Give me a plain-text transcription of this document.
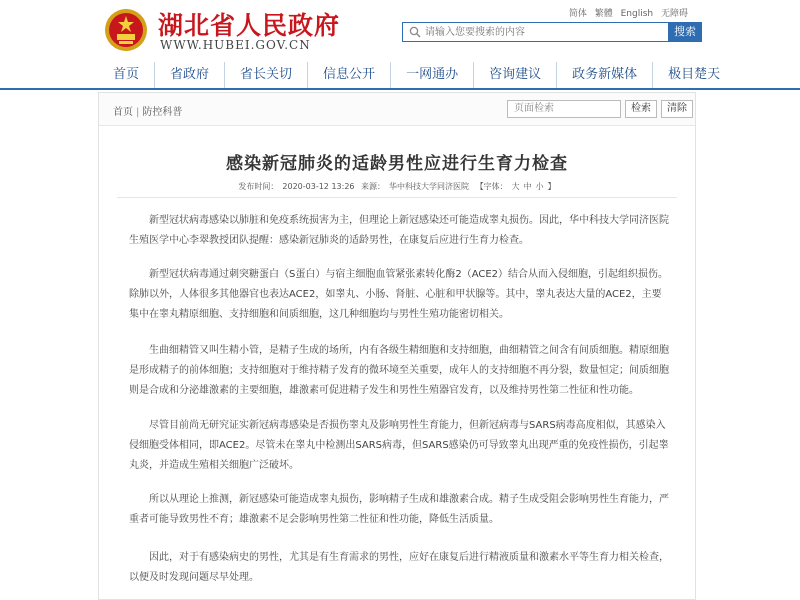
湖北省人民政府
WWW.HUBEI.GOV.CN
简体 繁體 English 无障碍
请输入您要搜索的内容
搜索
首页	省政府	省长关切	信息公开	一网通办	咨询建议	政务新媒体	极目楚天
首页 | 防控科普	页面检索	检索	清除
感染新冠肺炎的适龄男性应进行生育力检查
发布时间： 2020-03-12 13:26 来源： 华中科技大学同济医院 【字体： 大 中 小 】

新型冠状病毒感染以肺脏和免疫系统损害为主，但理论上新冠感染还可能造成睾丸损伤。因此，华中科技大学同济医院生殖医学中心李翠教授团队提醒：感染新冠肺炎的适龄男性，在康复后应进行生育力检查。

新型冠状病毒通过刺突糖蛋白（S蛋白）与宿主细胞血管紧张素转化酶2（ACE2）结合从而入侵细胞，引起组织损伤。除肺以外，人体很多其他器官也表达ACE2，如睾丸、小肠、肾脏、心脏和甲状腺等。其中，睾丸表达大量的ACE2，主要集中在睾丸精原细胞、支持细胞和间质细胞，这几种细胞均与男性生殖功能密切相关。

生曲细精管又叫生精小管，是精子生成的场所，内有各级生精细胞和支持细胞，曲细精管之间含有间质细胞。精原细胞是形成精子的前体细胞；支持细胞对于维持精子发育的微环境至关重要，成年人的支持细胞不再分裂，数量恒定；间质细胞则是合成和分泌雄激素的主要细胞，雄激素可促进精子发生和男性生殖器官发育，以及维持男性第二性征和性功能。

尽管目前尚无研究证实新冠病毒感染是否损伤睾丸及影响男性生育能力，但新冠病毒与SARS病毒高度相似，其感染入侵细胞受体相同，即ACE2。尽管未在睾丸中检测出SARS病毒，但SARS感染仍可导致睾丸出现严重的免疫性损伤，引起睾丸炎，并造成生殖相关细胞广泛破坏。

所以从理论上推测，新冠感染可能造成睾丸损伤，影响精子生成和雄激素合成。精子生成受阻会影响男性生育能力，严重者可能导致男性不育；雄激素不足会影响男性第二性征和性功能，降低生活质量。

因此，对于有感染病史的男性，尤其是有生育需求的男性，应好在康复后进行精液质量和激素水平等生育力相关检查，以便及时发现问题尽早处理。
